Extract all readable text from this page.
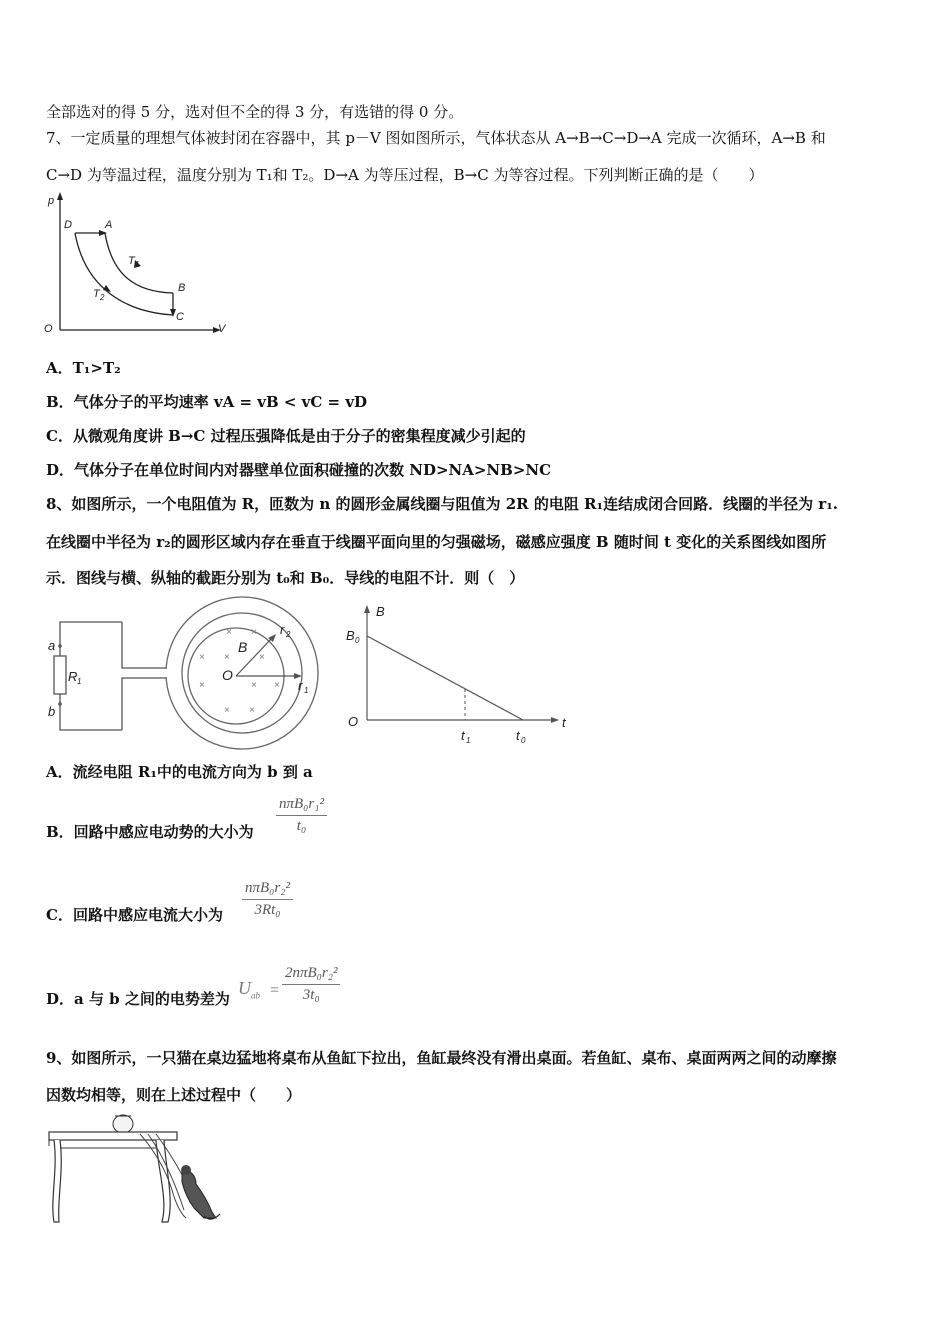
全部选对的得 5 分，选对但不全的得 3 分，有选错的得 0 分。
7、一定质量的理想气体被封闭在容器中，其 p－V 图如图所示，气体状态从 A→B→C→D→A 完成一次循环，A→B 和
C→D 为等温过程，温度分别为 T₁和 T₂。D→A 为等压过程，B→C 为等容过程。下列判断正确的是（　　）
p
V
O
D	A
B
C
T 1
T 2
A．T₁>T₂
B．气体分子的平均速率 vA = vB < vC = vD
C．从微观角度讲 B→C 过程压强降低是由于分子的密集程度减少引起的
D．气体分子在单位时间内对器壁单位面积碰撞的次数 ND>NA>NB>NC
8、如图所示，一个电阻值为 R，匝数为 n 的圆形金属线圈与阻值为 2R 的电阻 R₁连结成闭合回路．线圈的半径为 r₁.
在线圈中半径为 r₂的圆形区域内存在垂直于线圈平面向里的匀强磁场，磁感应强度 B 随时间 t 变化的关系图线如图所
示．图线与横、纵轴的截距分别为 t₀和 B₀．导线的电阻不计．则（　）
× ×
× ×	×
×	× ×
× ×
a
b
R 1
B
O
r 2
r 1
B
B 0
O	t
t 1	t 0
A．流经电阻 R₁中的电流方向为 b 到 a
B．回路中感应电动势的大小为
nπB₀r₁²
t₀
C．回路中感应电流大小为
nπB₀r₂²
3Rt₀
D．a 与 b 之间的电势差为
$U_{ab}$ =
2nπB₀r₂²
3t₀
9、如图所示，一只猫在桌边猛地将桌布从鱼缸下拉出，鱼缸最终没有滑出桌面。若鱼缸、桌布、桌面两两之间的动摩擦
因数均相等，则在上述过程中（　　）
